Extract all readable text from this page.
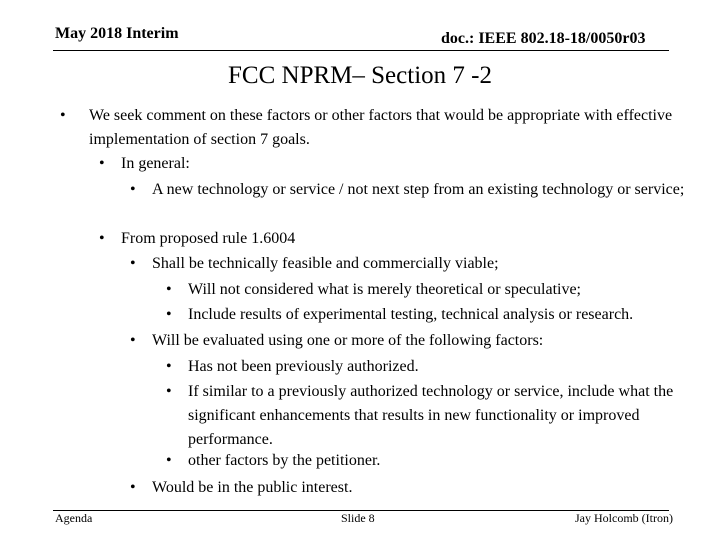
May 2018 Interim	doc.: IEEE 802.18-18/0050r03
FCC NPRM– Section 7 -2
• We seek comment on these factors or other factors that would be appropriate with effective implementation of section 7 goals.
• In general:
• A new technology or service / not next step from an existing technology or service;
• From proposed rule 1.6004
• Shall be technically feasible and commercially viable;
• Will not considered what is merely theoretical or speculative;
• Include results of experimental testing, technical analysis or research.
• Will be evaluated using one or more of the following factors:
• Has not been previously authorized.
• If similar to a previously authorized technology or service, include what the significant enhancements that results in new functionality or improved performance.
• other factors by the petitioner.
• Would be in the public interest.
Agenda	Slide 8	Jay Holcomb (Itron)
